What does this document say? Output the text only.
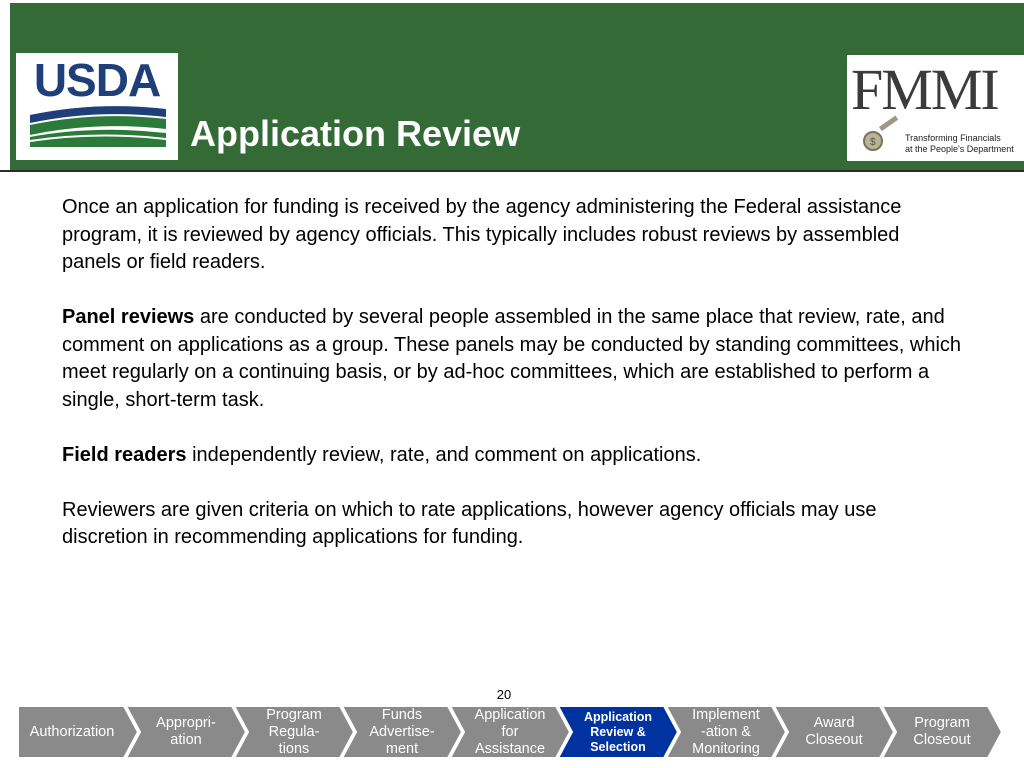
USDA
Application Review
FMMI
$	Transforming Financials
at the People's Department

Once an application for funding is received by the agency administering the Federal assistance program, it is reviewed by agency officials. This typically includes robust reviews by assembled panels or field readers.

Panel reviews are conducted by several people assembled in the same place that review, rate, and comment on applications as a group. These panels may be conducted by standing committees, which meet regularly on a continuing basis, or by ad-hoc committees, which are established to perform a single, short-term task.

Field readers independently review, rate, and comment on applications.

Reviewers are given criteria on which to rate applications, however agency officials may use discretion in recommending applications for funding.

20
Authorization
Appropri-
ation
Program
Regula-
tions
Funds
Advertise-
ment
Application
for
Assistance
Application
Review &
Selection
Implement
-ation &
Monitoring
Award
Closeout
Program
Closeout
